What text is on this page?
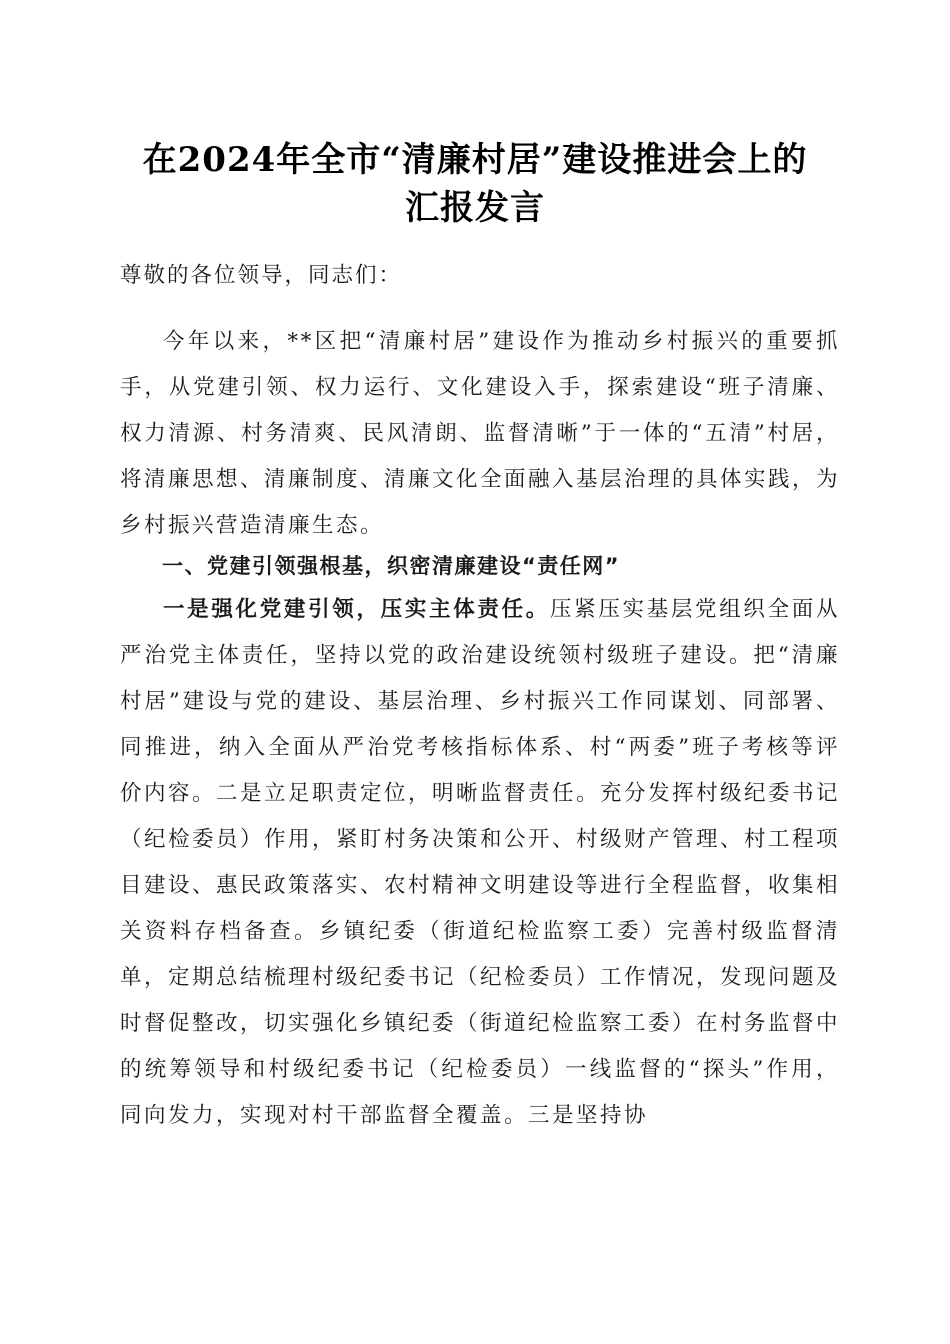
在2024年全市“清廉村居”建设推进会上的
汇报发言
尊敬的各位领导，同志们：

今年以来，**区把“清廉村居”建设作为推动乡村振兴的重要抓手，从党建引领、权力运行、文化建设入手，探索建设“班子清廉、权力清源、村务清爽、民风清朗、监督清晰”于一体的“五清”村居，将清廉思想、清廉制度、清廉文化全面融入基层治理的具体实践，为乡村振兴营造清廉生态。

一、党建引领强根基，织密清廉建设“责任网”

一是强化党建引领，压实主体责任。压紧压实基层党组织全面从严治党主体责任，坚持以党的政治建设统领村级班子建设。把“清廉村居”建设与党的建设、基层治理、乡村振兴工作同谋划、同部署、同推进，纳入全面从严治党考核指标体系、村“两委”班子考核等评价内容。二是立足职责定位，明晰监督责任。充分发挥村级纪委书记（纪检委员）作用，紧盯村务决策和公开、村级财产管理、村工程项目建设、惠民政策落实、农村精神文明建设等进行全程监督，收集相关资料存档备查。乡镇纪委（街道纪检监察工委）完善村级监督清单，定期总结梳理村级纪委书记（纪检委员）工作情况，发现问题及时督促整改，切实强化乡镇纪委（街道纪检监察工委）在村务监督中的统筹领导和村级纪委书记（纪检委员）一线监督的“探头”作用，同向发力，实现对村干部监督全覆盖。三是坚持协
